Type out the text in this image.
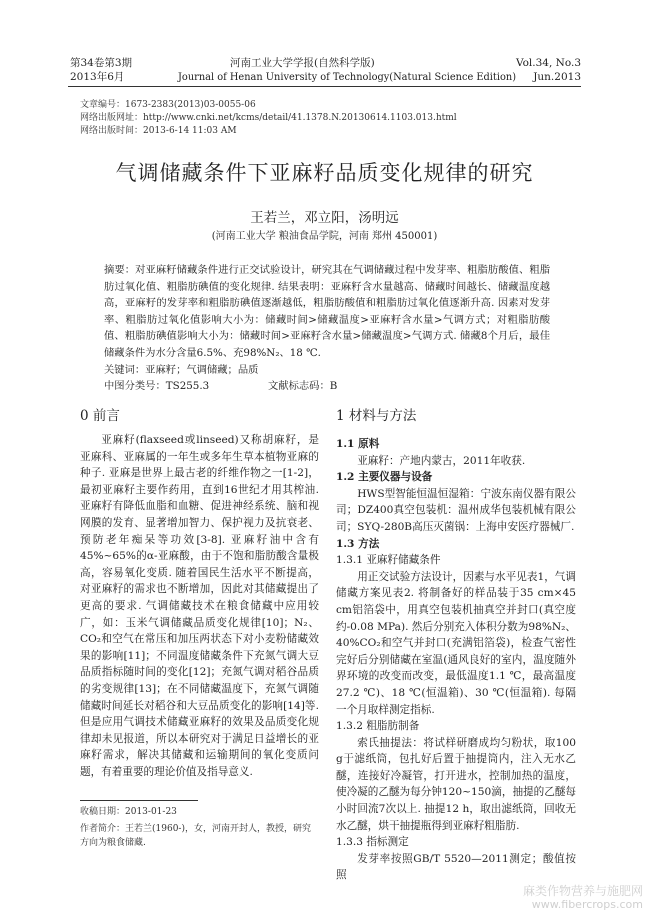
第34卷第3期
2013年6月
河南工业大学学报(自然科学版)
Journal of Henan University of Technology(Natural Science Edition)
Vol.34, No.3
Jun.2013
文章编号：1673-2383(2013)03-0055-06
网络出版网址：http://www.cnki.net/kcms/detail/41.1378.N.20130614.1103.013.html
网络出版时间：2013-6-14 11:03 AM
气调储藏条件下亚麻籽品质变化规律的研究
王若兰，邓立阳，汤明远
(河南工业大学 粮油食品学院，河南 郑州 450001)
摘要：对亚麻籽储藏条件进行正交试验设计，研究其在气调储藏过程中发芽率、粗脂肪酸值、粗脂肪过氧化值、粗脂肪碘值的变化规律. 结果表明：亚麻籽含水量越高、储藏时间越长、储藏温度越高，亚麻籽的发芽率和粗脂肪碘值逐渐越低，粗脂肪酸值和粗脂肪过氧化值逐渐升高. 因素对发芽率、粗脂肪过氧化值影响大小为：储藏时间>储藏温度>亚麻籽含水量>气调方式；对粗脂肪酸值、粗脂肪碘值影响大小为：储藏时间>亚麻籽含水量>储藏温度>气调方式. 储藏8个月后，最佳储藏条件为水分含量6.5%、充98%N₂、18 ℃.
关键词：亚麻籽；气调储藏；品质
中图分类号：TS255.3	文献标志码：B
0 前言
亚麻籽(flaxseed或linseed)又称胡麻籽，是亚麻科、亚麻属的一年生或多年生草本植物亚麻的种子. 亚麻是世界上最古老的纤维作物之一[1-2]，最初亚麻籽主要作药用，直到16世纪才用其榨油. 亚麻籽有降低血脂和血糖、促进神经系统、脑和视网膜的发育、显著增加智力、保护视力及抗衰老、预防老年痴呆等功效[3-8]. 亚麻籽油中含有45%~65%的α-亚麻酸，由于不饱和脂肪酸含量极高，容易氧化变质. 随着国民生活水平不断提高，对亚麻籽的需求也不断增加，因此对其储藏提出了更高的要求. 气调储藏技术在粮食储藏中应用较广，如：玉米气调储藏品质变化规律[10]；N₂、CO₂和空气在常压和加压两状态下对小麦粉储藏效果的影响[11]；不同温度储藏条件下充氮气调大豆品质指标随时间的变化[12]；充氮气调对稻谷品质的劣变规律[13]；在不同储藏温度下，充氮气调随储藏时间延长对稻谷和大豆品质变化的影响[14]等. 但是应用气调技术储藏亚麻籽的效果及品质变化规律却未见报道，所以本研究对于满足日益增长的亚麻籽需求，解决其储藏和运输期间的氧化变质问题，有着重要的理论价值及指导意义.
收稿日期：2013-01-23
作者简介：王若兰(1960-)，女，河南开封人，教授，研究方向为粮食储藏.
1 材料与方法
1.1 原料
亚麻籽：产地内蒙古，2011年收获.
1.2 主要仪器与设备
HWS型智能恒温恒湿箱：宁波东南仪器有限公司；DZ400真空包装机：温州成华包装机械有限公司；SYQ-280B高压灭菌锅：上海申安医疗器械厂.
1.3 方法
1.3.1 亚麻籽储藏条件
用正交试验方法设计，因素与水平见表1，气调储藏方案见表2. 将制备好的样品装于35 cm×45 cm铝箔袋中，用真空包装机抽真空并封口(真空度约-0.08 MPa). 然后分别充入体积分数为98%N₂、40%CO₂和空气并封口(充满铝箔袋)，检查气密性完好后分别储藏在室温(通风良好的室内，温度随外界环境的改变而改变，最低温度1.1 ℃，最高温度27.2 ℃)、18 ℃(恒温箱)、30 ℃(恒温箱). 每隔一个月取样测定指标.
1.3.2 粗脂肪制备
索氏抽提法：将试样研磨成均匀粉状，取100 g于滤纸筒，包扎好后置于抽提筒内，注入无水乙醚，连接好冷凝管，打开进水，控制加热的温度，使冷凝的乙醚为每分钟120~150滴，抽提的乙醚每小时回流7次以上. 抽提12 h，取出滤纸筒，回收无水乙醚，烘干抽提瓶得到亚麻籽粗脂肪.
1.3.3 指标测定
发芽率按照GB/T 5520—2011测定；酸值按照
麻类作物营养与施肥网
www.fibercrops.com
